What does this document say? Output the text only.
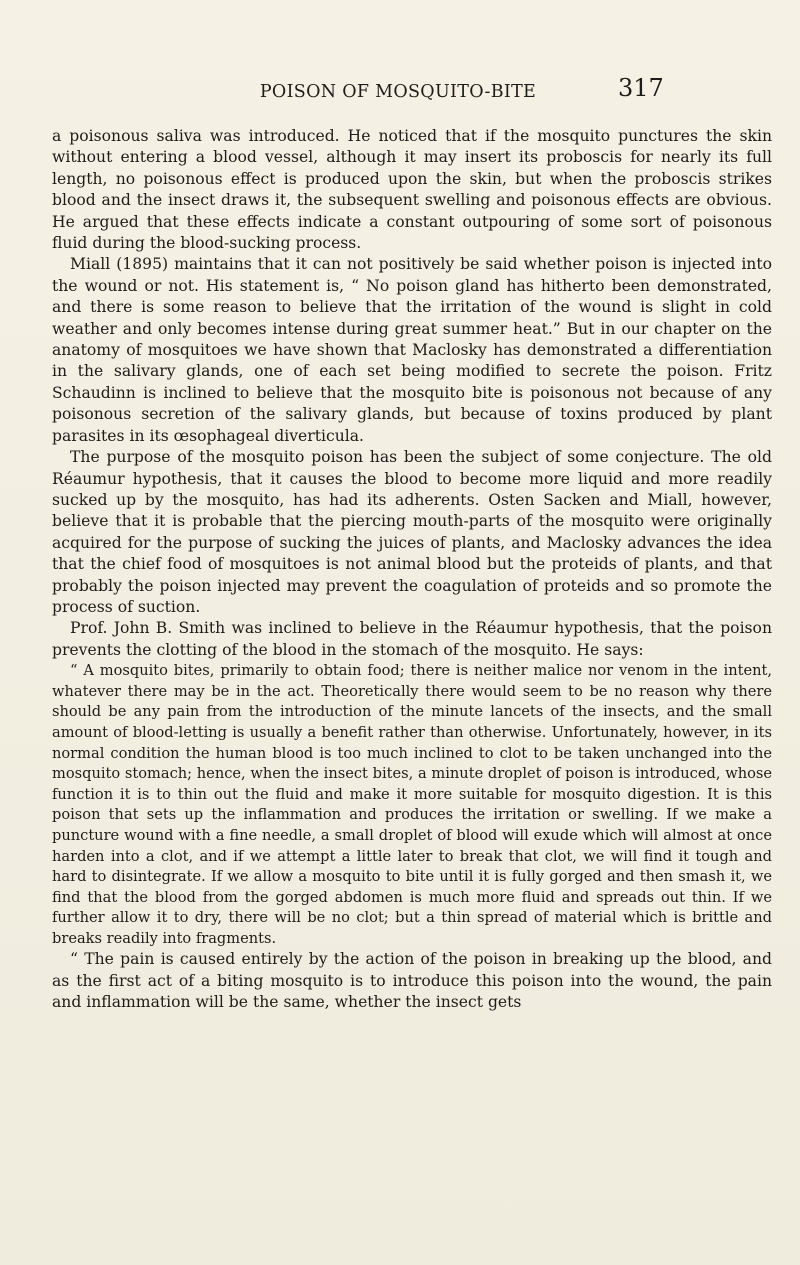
POISON OF MOSQUITO-BITE	317

a poisonous saliva was introduced. He noticed that if the mosquito punctures the skin without entering a blood vessel, although it may insert its proboscis for nearly its full length, no poisonous effect is produced upon the skin, but when the proboscis strikes blood and the insect draws it, the subsequent swelling and poisonous effects are obvious. He argued that these effects indicate a constant outpouring of some sort of poisonous fluid during the blood-sucking process.

Miall (1895) maintains that it can not positively be said whether poison is injected into the wound or not. His statement is, “ No poison gland has hitherto been demonstrated, and there is some reason to believe that the irritation of the wound is slight in cold weather and only becomes intense during great summer heat.” But in our chapter on the anatomy of mosquitoes we have shown that Maclosky has demonstrated a differentiation in the salivary glands, one of each set being modified to secrete the poison. Fritz Schaudinn is inclined to believe that the mosquito bite is poisonous not because of any poisonous secretion of the salivary glands, but because of toxins produced by plant parasites in its œsophageal diverticula.

The purpose of the mosquito poison has been the subject of some conjecture. The old Réaumur hypothesis, that it causes the blood to become more liquid and more readily sucked up by the mosquito, has had its adherents. Osten Sacken and Miall, however, believe that it is probable that the piercing mouth-parts of the mosquito were originally acquired for the purpose of sucking the juices of plants, and Maclosky advances the idea that the chief food of mosquitoes is not animal blood but the proteids of plants, and that probably the poison injected may prevent the coagulation of proteids and so promote the process of suction.

Prof. John B. Smith was inclined to believe in the Réaumur hypothesis, that the poison prevents the clotting of the blood in the stomach of the mosquito. He says:

“ A mosquito bites, primarily to obtain food; there is neither malice nor venom in the intent, whatever there may be in the act. Theoretically there would seem to be no reason why there should be any pain from the introduction of the minute lancets of the insects, and the small amount of blood-letting is usually a benefit rather than otherwise. Unfortunately, however, in its normal condition the human blood is too much inclined to clot to be taken unchanged into the mosquito stomach; hence, when the insect bites, a minute droplet of poison is introduced, whose function it is to thin out the fluid and make it more suitable for mosquito digestion. It is this poison that sets up the inflammation and produces the irritation or swelling. If we make a puncture wound with a fine needle, a small droplet of blood will exude which will almost at once harden into a clot, and if we attempt a little later to break that clot, we will find it tough and hard to disintegrate. If we allow a mosquito to bite until it is fully gorged and then smash it, we find that the blood from the gorged abdomen is much more fluid and spreads out thin. If we further allow it to dry, there will be no clot; but a thin spread of material which is brittle and breaks readily into fragments.

“ The pain is caused entirely by the action of the poison in breaking up the blood, and as the first act of a biting mosquito is to introduce this poison into the wound, the pain and inflammation will be the same, whether the insect gets
